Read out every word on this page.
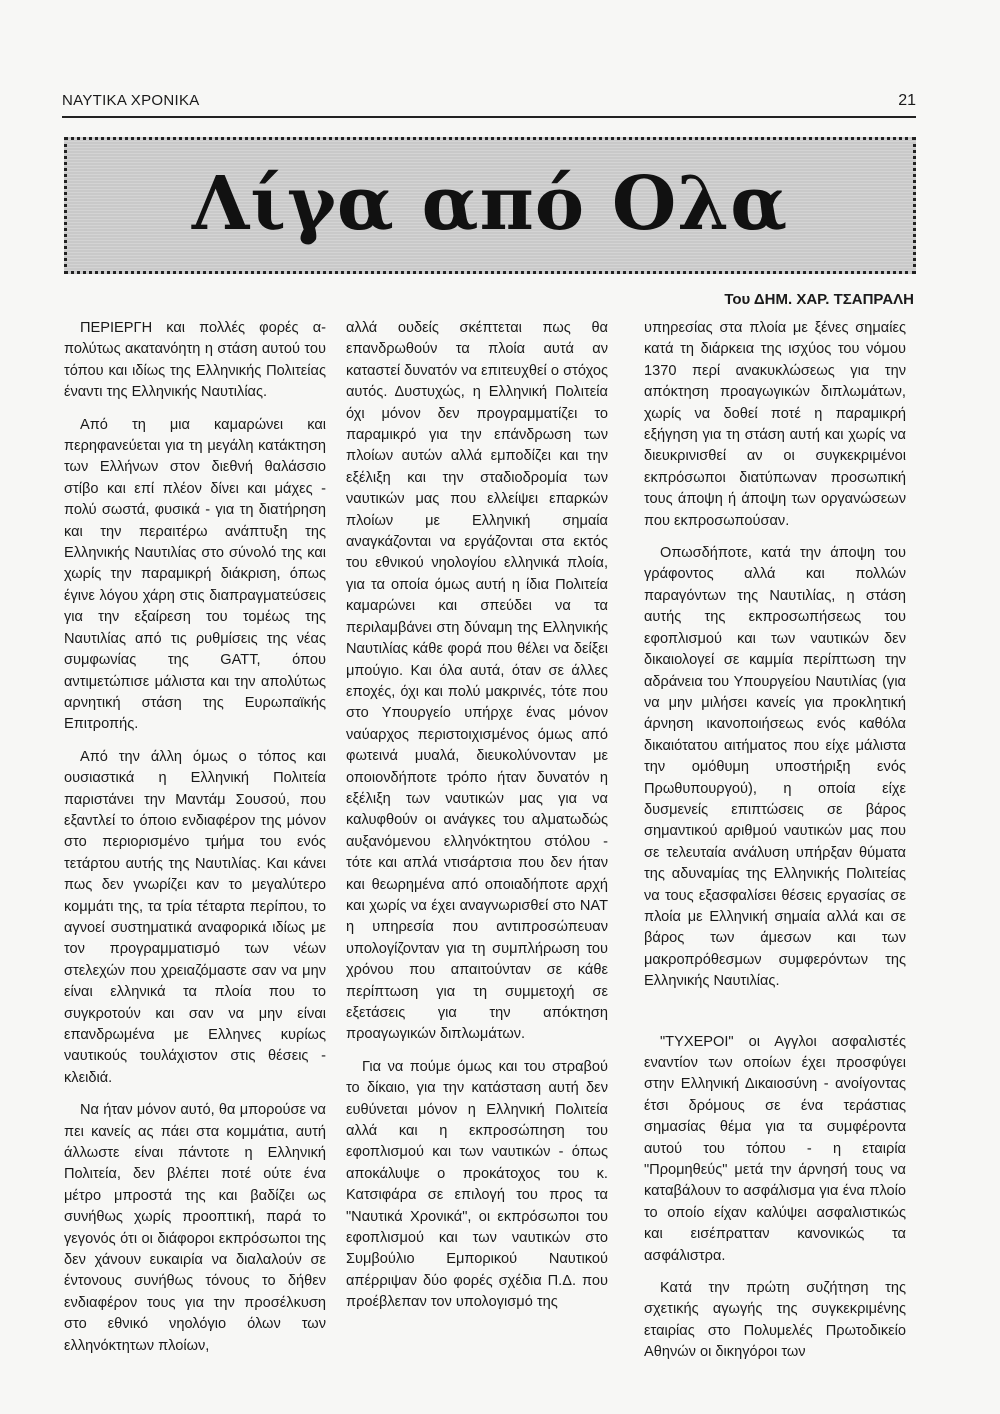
ΝΑΥΤΙΚΑ ΧΡΟΝΙΚΑ	21
Λίγα από Ολα
Του ΔΗΜ. ΧΑΡ. ΤΣΑΠΡΑΛΗ

ΠΕΡΙΕΡΓΗ και πολλές φορές α-πολύτως ακατανόητη η στάση αυτού του τόπου και ιδίως της Ελληνικής Πολιτείας έναντι της Ελληνικής Ναυτιλίας.

Από τη μια καμαρώνει και περηφανεύεται για τη μεγάλη κατάκτηση των Ελλήνων στον διεθνή θαλάσσιο στίβο και επί πλέον δίνει και μάχες - πολύ σωστά, φυσικά - για τη διατήρηση και την περαιτέρω ανάπτυξη της Ελληνικής Ναυτιλίας στο σύνολό της και χωρίς την παραμικρή διάκριση, όπως έγινε λόγου χάρη στις διαπραγματεύσεις για την εξαίρεση του τομέως της Ναυτιλίας από τις ρυθμίσεις της νέας συμφωνίας της GATT, όπου αντιμετώπισε μάλιστα και την απολύτως αρνητική στάση της Ευρωπαϊκής Επιτροπής.

Από την άλλη όμως ο τόπος και ουσιαστικά η Ελληνική Πολιτεία παριστάνει την Μαντάμ Σουσού, που εξαντλεί το όποιο ενδιαφέρον της μόνον στο περιορισμένο τμήμα του ενός τετάρτου αυτής της Ναυτιλίας. Και κάνει πως δεν γνωρίζει καν το μεγαλύτερο κομμάτι της, τα τρία τέταρτα περίπου, το αγνοεί συστηματικά αναφορικά ιδίως με τον προγραμματισμό των νέων στελεχών που χρειαζόμαστε σαν να μην είναι ελληνικά τα πλοία που το συγκροτούν και σαν να μην είναι επανδρωμένα με Ελληνες κυρίως ναυτικούς τουλάχιστον στις θέσεις - κλειδιά.

Να ήταν μόνον αυτό, θα μπορούσε να πει κανείς ας πάει στα κομμάτια, αυτή άλλωστε είναι πάντοτε η Ελληνική Πολιτεία, δεν βλέπει ποτέ ούτε ένα μέτρο μπροστά της και βαδίζει ως συνήθως χωρίς προοπτική, παρά το γεγονός ότι οι διάφοροι εκπρόσωποι της δεν χάνουν ευκαιρία να διαλαλούν σε έντονους συνήθως τόνους το δήθεν ενδιαφέρον τους για την προσέλκυση στο εθνικό νηολόγιο όλων των ελληνόκτητων πλοίων,

αλλά ουδείς σκέπτεται πως θα επανδρωθούν τα πλοία αυτά αν καταστεί δυνατόν να επιτευχθεί ο στόχος αυτός. Δυστυχώς, η Ελληνική Πολιτεία όχι μόνον δεν προγραμματίζει το παραμικρό για την επάνδρωση των πλοίων αυτών αλλά εμποδίζει και την εξέλιξη και την σταδιοδρομία των ναυτικών μας που ελλείψει επαρκών πλοίων με Ελληνική σημαία αναγκάζονται να εργάζονται στα εκτός του εθνικού νηολογίου ελληνικά πλοία, για τα οποία όμως αυτή η ίδια Πολιτεία καμαρώνει και σπεύδει να τα περιλαμβάνει στη δύναμη της Ελληνικής Ναυτιλίας κάθε φορά που θέλει να δείξει μπούγιο. Και όλα αυτά, όταν σε άλλες εποχές, όχι και πολύ μακρινές, τότε που στο Υπουργείο υπήρχε ένας μόνον ναύαρχος περιστοιχισμένος όμως από φωτεινά μυαλά, διευκολύνονταν με οποιονδήποτε τρόπο ήταν δυνατόν η εξέλιξη των ναυτικών μας για να καλυφθούν οι ανάγκες του αλματωδώς αυξανόμενου ελληνόκτητου στόλου - τότε και απλά ντισάρτσια που δεν ήταν και θεωρημένα από οποιαδήποτε αρχή και χωρίς να έχει αναγνωρισθεί στο ΝΑΤ η υπηρεσία που αντιπροσώπευαν υπολογίζονταν για τη συμπλήρωση του χρόνου που απαιτούνταν σε κάθε περίπτωση για τη συμμετοχή σε εξετάσεις για την απόκτηση προαγωγικών διπλωμάτων.

Για να πούμε όμως και του στραβού το δίκαιο, για την κατάσταση αυτή δεν ευθύνεται μόνον η Ελληνική Πολιτεία αλλά και η εκπροσώπηση του εφοπλισμού και των ναυτικών - όπως αποκάλυψε ο προκάτοχος του κ. Κατσιφάρα σε επιλογή του προς τα "Ναυτικά Χρονικά", οι εκπρόσωποι του εφοπλισμού και των ναυτικών στο Συμβούλιο Εμπορικού Ναυτικού απέρριψαν δύο φορές σχέδια Π.Δ. που προέβλεπαν τον υπολογισμό της

υπηρεσίας στα πλοία με ξένες σημαίες κατά τη διάρκεια της ισχύος του νόμου 1370 περί ανακυκλώσεως για την απόκτηση προαγωγικών διπλωμάτων, χωρίς να δοθεί ποτέ η παραμικρή εξήγηση για τη στάση αυτή και χωρίς να διευκρινισθεί αν οι συγκεκριμένοι εκπρόσωποι διατύπωναν προσωπική τους άποψη ή άποψη των οργανώσεων που εκπροσωπούσαν.

Οπωσδήποτε, κατά την άποψη του γράφοντος αλλά και πολλών παραγόντων της Ναυτιλίας, η στάση αυτής της εκπροσωπήσεως του εφοπλισμού και των ναυτικών δεν δικαιολογεί σε καμμία περίπτωση την αδράνεια του Υπουργείου Ναυτιλίας (για να μην μιλήσει κανείς για προκλητική άρνηση ικανοποιήσεως ενός καθόλα δικαιότατου αιτήματος που είχε μάλιστα την ομόθυμη υποστήριξη ενός Πρωθυπουργού), η οποία είχε δυσμενείς επιπτώσεις σε βάρος σημαντικού αριθμού ναυτικών μας που σε τελευταία ανάλυση υπήρξαν θύματα της αδυναμίας της Ελληνικής Πολιτείας να τους εξασφαλίσει θέσεις εργασίας σε πλοία με Ελληνική σημαία αλλά και σε βάρος των άμεσων και των μακροπρόθεσμων συμφερόντων της Ελληνικής Ναυτιλίας.

"ΤΥΧΕΡΟΙ" οι Αγγλοι ασφαλιστές εναντίον των οποίων έχει προσφύγει στην Ελληνική Δικαιοσύνη - ανοίγοντας έτσι δρόμους σε ένα τεράστιας σημασίας θέμα για τα συμφέροντα αυτού του τόπου - η εταιρία "Προμηθεύς" μετά την άρνησή τους να καταβάλουν το ασφάλισμα για ένα πλοίο το οποίο είχαν καλύψει ασφαλιστικώς και εισέπρατταν κανονικώς τα ασφάλιστρα.

Κατά την πρώτη συζήτηση της σχετικής αγωγής της συγκεκριμένης εταιρίας στο Πολυμελές Πρωτοδικείο Αθηνών οι δικηγόροι των
